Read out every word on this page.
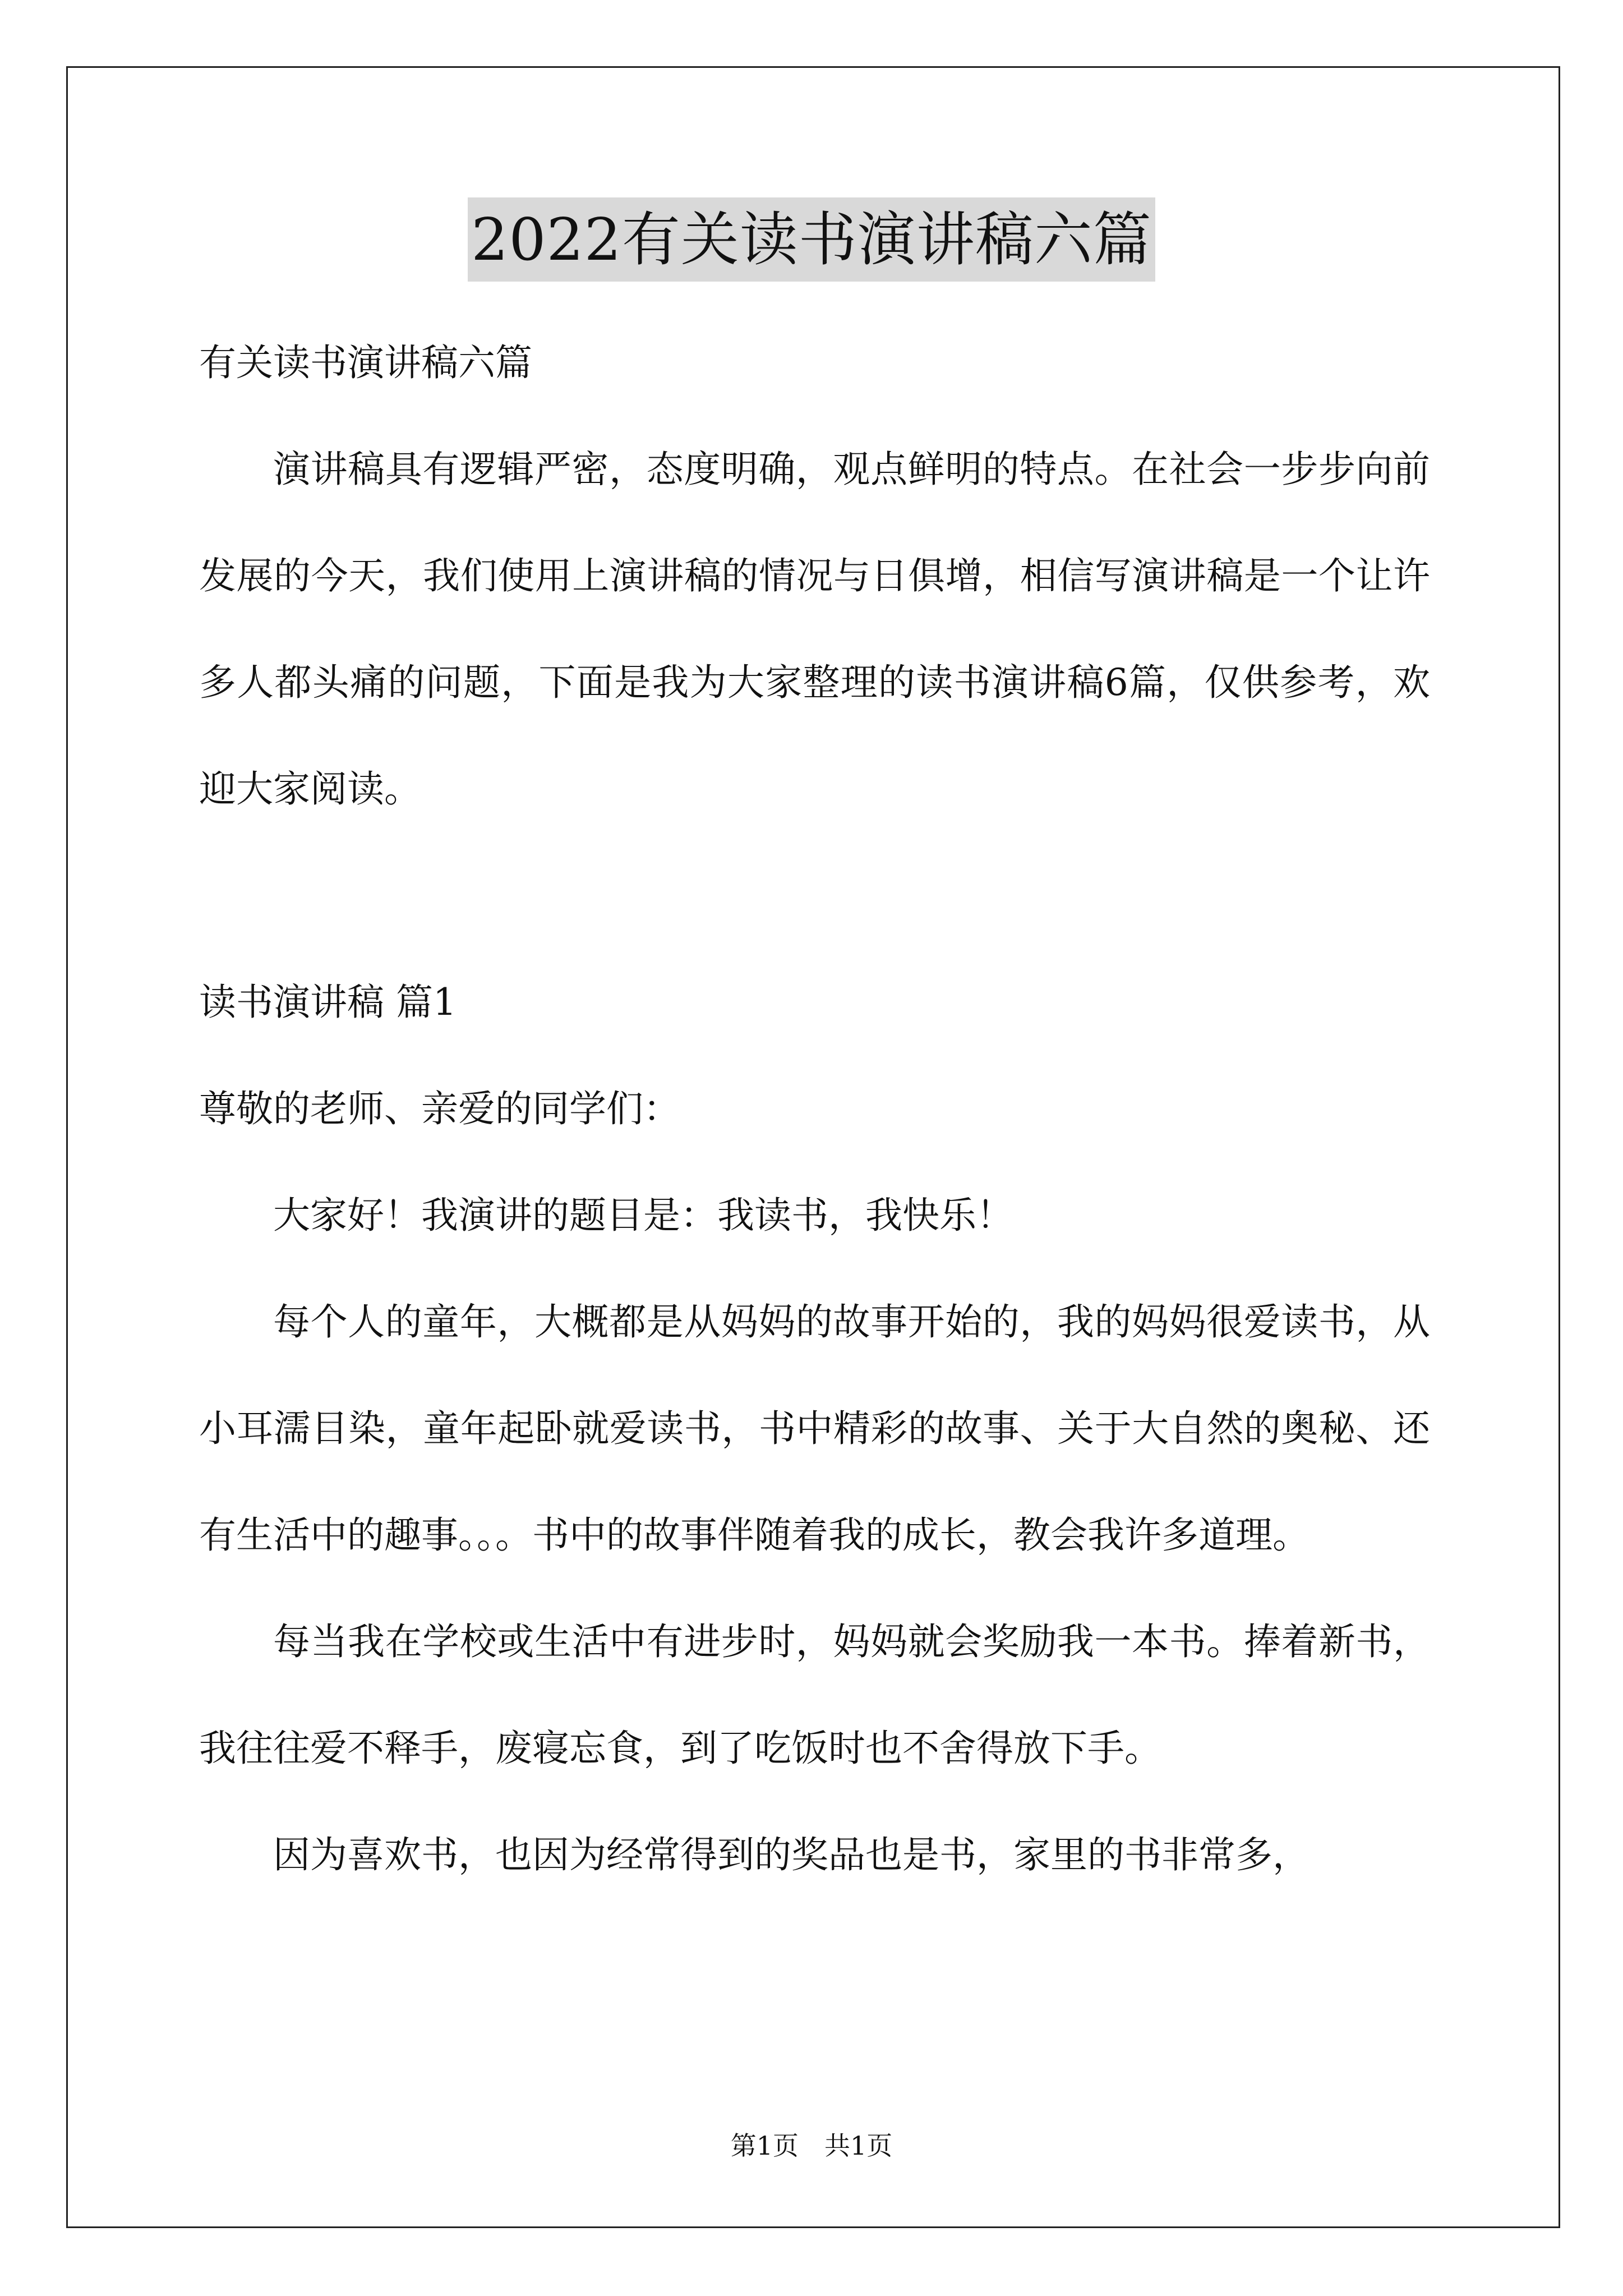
2022有关读书演讲稿六篇

有关读书演讲稿六篇

演讲稿具有逻辑严密，态度明确，观点鲜明的特点。在社会一步步向前发展的今天，我们使用上演讲稿的情况与日俱增，相信写演讲稿是一个让许多人都头痛的问题，下面是我为大家整理的读书演讲稿6篇，仅供参考，欢迎大家阅读。

读书演讲稿 篇1

尊敬的老师、亲爱的同学们：

大家好！我演讲的题目是：我读书，我快乐！

每个人的童年，大概都是从妈妈的故事开始的，我的妈妈很爱读书，从小耳濡目染，童年起卧就爱读书，书中精彩的故事、关于大自然的奥秘、还有生活中的趣事。。。书中的故事伴随着我的成长，教会我许多道理。

每当我在学校或生活中有进步时，妈妈就会奖励我一本书。捧着新书，我往往爱不释手，废寝忘食，到了吃饭时也不舍得放下手。

因为喜欢书，也因为经常得到的奖品也是书，家里的书非常多，

第1页　共1页
